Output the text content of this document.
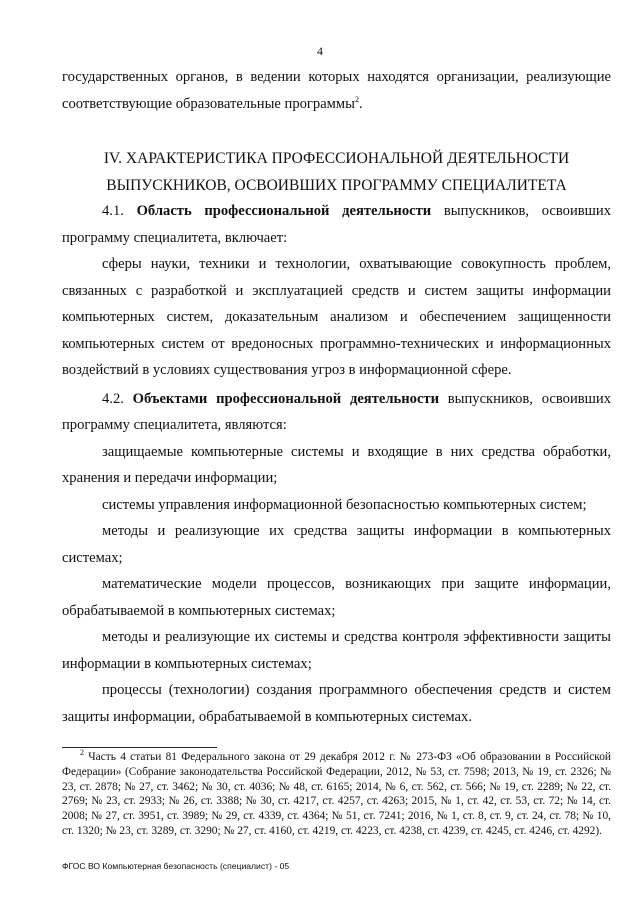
4

государственных органов, в ведении которых находятся организации, реализующие соответствующие образовательные программы$^2$.

IV. ХАРАКТЕРИСТИКА ПРОФЕССИОНАЛЬНОЙ ДЕЯТЕЛЬНОСТИ

ВЫПУСКНИКОВ, ОСВОИВШИХ ПРОГРАММУ СПЕЦИАЛИТЕТА

4.1. Область профессиональной деятельности выпускников, освоивших программу специалитета, включает:

сферы науки, техники и технологии, охватывающие совокупность проблем, связанных с разработкой и эксплуатацией средств и систем защиты информации компьютерных систем, доказательным анализом и обеспечением защищенности компьютерных систем от вредоносных программно-технических и информационных воздействий в условиях существования угроз в информационной сфере.

4.2. Объектами профессиональной деятельности выпускников, освоивших программу специалитета, являются:

защищаемые компьютерные системы и входящие в них средства обработки, хранения и передачи информации;

системы управления информационной безопасностью компьютерных систем;

методы и реализующие их средства защиты информации в компьютерных системах;

математические модели процессов, возникающих при защите информации, обрабатываемой в компьютерных системах;

методы и реализующие их системы и средства контроля эффективности защиты информации в компьютерных системах;

процессы (технологии) создания программного обеспечения средств и систем защиты информации, обрабатываемой в компьютерных системах.

$^2$ Часть 4 статьи 81 Федерального закона от 29 декабря 2012 г. № 273-ФЗ «Об образовании в Российской Федерации» (Собрание законодательства Российской Федерации, 2012, № 53, ст. 7598; 2013, № 19, ст. 2326; № 23, ст. 2878; № 27, ст. 3462; № 30, ст. 4036; № 48, ст. 6165; 2014, № 6, ст. 562, ст. 566; № 19, ст. 2289; № 22, ст. 2769; № 23, ст. 2933; № 26, ст. 3388; № 30, ст. 4217, ст. 4257, ст. 4263; 2015, № 1, ст. 42, ст. 53, ст. 72; № 14, ст. 2008; № 27, ст. 3951, ст. 3989; № 29, ст. 4339, ст. 4364; № 51, ст. 7241; 2016, № 1, ст. 8, ст. 9, ст. 24, ст. 78; № 10, ст. 1320; № 23, ст. 3289, ст. 3290; № 27, ст. 4160, ст. 4219, ст. 4223, ст. 4238, ст. 4239, ст. 4245, ст. 4246, ст. 4292).
ФГОС ВО Компьютерная безопасность (специалист) - 05
